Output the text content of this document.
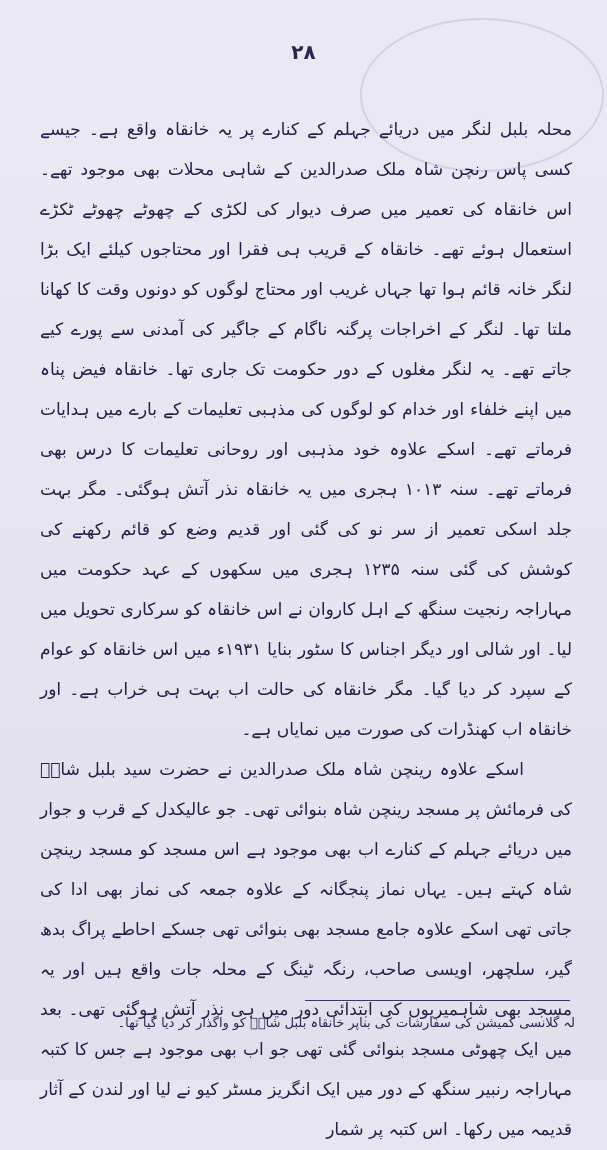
۲۸

محلہ بلبل لنگر میں دریائے جہلم کے کنارے پر یہ خانقاہ واقع ہے۔ جیسے کسی پاس رنچن شاہ ملک صدرالدین کے شاہی محلات بھی موجود تھے۔ اس خانقاہ کی تعمیر میں صرف دیوار کی لکڑی کے چھوٹے چھوٹے ٹکڑے استعمال ہوئے تھے۔ خانقاہ کے قریب ہی فقرا اور محتاجوں کیلئے ایک بڑا لنگر خانہ قائم ہوا تھا جہاں غریب اور محتاج لوگوں کو دونوں وقت کا کھانا ملتا تھا۔ لنگر کے اخراجات پرگنہ ناگام کے جاگیر کی آمدنی سے پورے کیے جاتے تھے۔ یہ لنگر مغلوں کے دور حکومت تک جاری تھا۔ خانقاہ فیض پناہ میں اپنے خلفاء اور خدام کو لوگوں کی مذہبی تعلیمات کے بارے میں ہدایات فرماتے تھے۔ اسکے علاوہ خود مذہبی اور روحانی تعلیمات کا درس بھی فرماتے تھے۔ سنہ ۱۰۱۳ ہجری میں یہ خانقاہ نذر آتش ہوگئی۔ مگر بہت جلد اسکی تعمیر از سر نو کی گئی اور قدیم وضع کو قائم رکھنے کی کوشش کی گئی سنہ ۱۲۳۵ ہجری میں سکھوں کے عہد حکومت میں مہاراجہ رنجیت سنگھ کے اہل کاروان نے اس خانقاہ کو سرکاری تحویل میں لیا۔ اور شالی اور دیگر اجناس کا سٹور بنایا ۱۹۳۱ء میں اس خانقاہ کو عوام کے سپرد کر دیا گیا۔ مگر خانقاہ کی حالت اب بہت ہی خراب ہے۔ اور خانقاہ اب کھنڈرات کی صورت میں نمایاں ہے۔

اسکے علاوہ رینچن شاہ ملک صدرالدین نے حضرت سید بلبل شاہؒ کی فرمائش پر مسجد رینچن شاہ بنوائی تھی۔ جو عالیکدل کے قرب و جوار میں دریائے جہلم کے کنارے اب بھی موجود ہے اس مسجد کو مسجد رینچن شاہ کہتے ہیں۔ یہاں نماز پنجگانہ کے علاوہ جمعہ کی نماز بھی ادا کی جاتی تھی اسکے علاوہ جامع مسجد بھی بنوائی تھی جسکے احاطے پراگ بدھ گیر، سلچھر، اویسی صاحب، رنگہ ٹینگ کے محلہ جات واقع ہیں اور یہ مسجد بھی شاہمیریوں کی ابتدائی دور میں ہی نذر آتش ہوگئی تھی۔ بعد میں ایک چھوٹی مسجد بنوائی گئی تھی جو اب بھی موجود ہے جس کا کتبہ مہاراجہ رنبیر سنگھ کے دور میں ایک انگریز مسٹر کیو نے لیا اور لندن کے آثار قدیمہ میں رکھا۔ اس کتبہ پر شمار

لہ گلانسی کمیشن کی سفارشات کی بناپر خانقاہ بلبل شاہؒ کو واگذار کر دیا گیا تھا۔
